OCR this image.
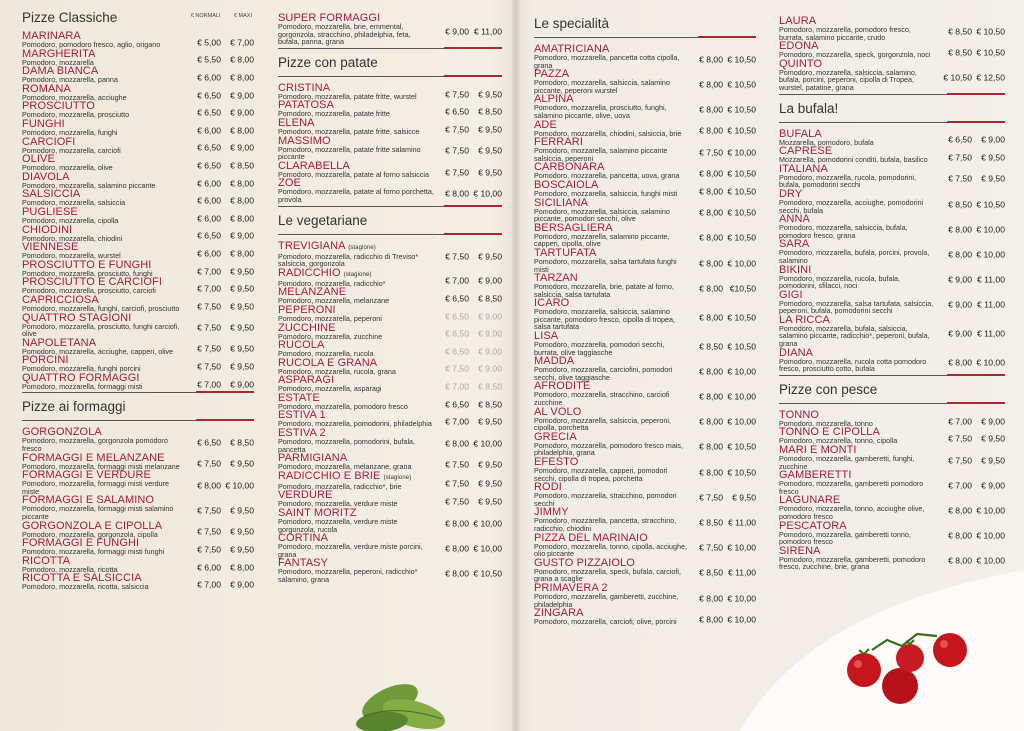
Pizze Classiche	€ NORMALI € MAXI
MARINARA
Pomodoro, pomodoro fresco, aglio, origano	€ 5,00 € 7,00
MARGHERITA
Pomodoro, mozzarella	€ 5,50 € 8,00
DAMA BIANCA
Pomodoro, mozzarella, panna	€ 6,00 € 8,00
ROMANA
Pomodoro, mozzarella, acciughe	€ 6,50 € 9,00
PROSCIUTTO
Pomodoro, mozzarella, prosciutto	€ 6,50 € 9,00
FUNGHI
Pomodoro, mozzarella, funghi	€ 6,00 € 8,00
CARCIOFI
Pomodoro, mozzarella, carciofi	€ 6,50 € 9,00
OLIVE
Pomodoro, mozzarella, olive	€ 6,50 € 8,50
DIAVOLA
Pomodoro, mozzarella, salamino piccante	€ 6,00 € 8,00
SALSICCIA
Pomodoro, mozzarella, salsiccia	€ 6,00 € 8,00
PUGLIESE
Pomodoro, mozzarella, cipolla	€ 6,00 € 8,00
CHIODINI
Pomodoro, mozzarella, chiodini	€ 6,50 € 9,00
VIENNESE
Pomodoro, mozzarella, wurstel	€ 6,00 € 8,00
PROSCIUTTO E FUNGHI
Pomodoro, mozzarella, prosciutto, funghi	€ 7,00 € 9,50
PROSCIUTTO E CARCIOFI
Pomodoro, mozzarella, prosciutto, carciofi	€ 7,00 € 9,50
CAPRICCIOSA
Pomodoro, mozzarella, funghi, carciofi, prosciutto	€ 7,50 € 9,50
QUATTRO STAGIONI
Pomodoro, mozzarella, prosciutto, funghi carciofi, olive
€ 7,50 € 9,50
NAPOLETANA
Pomodoro, mozzarella, acciughe, capperi, olive	€ 7,50 € 9,50
PORCINI
Pomodoro, mozzarella, funghi porcini	€ 7,50 € 9,50
QUATTRO FORMAGGI
Pomodoro, mozzarella, formaggi misti	€ 7,00 € 9,00
Pizze ai formaggi
GORGONZOLA
Pomodoro, mozzarella, gorgonzola pomodoro fresco
€ 6,50 € 8,50
FORMAGGI E MELANZANE
Pomodoro, mozzarella, formaggi misti melanzane	€ 7,50 € 9,50
FORMAGGI E VERDURE
Pomodoro, mozzarella, formaggi misti verdure miste
€ 8,00 € 10,00
FORMAGGI E SALAMINO
Pomodoro, mozzarella, formaggi misti salamino piccante
€ 7,50 € 9,50
GORGONZOLA E CIPOLLA
Pomodoro, mozzarella, gorgonzola, cipolla	€ 7,50 € 9,50
FORMAGGI E FUNGHI
Pomodoro, mozzarella, formaggi misti funghi	€ 7,50 € 9,50
RICOTTA
Pomodoro, mozzarella, ricotta	€ 6,00 € 8,00
RICOTTA E SALSICCIA
Pomodoro, mozzarella, ricotta, salsiccia	€ 7,00 € 9,00
SUPER FORMAGGI
Pomodoro, mozzarella, brie, emmental, gorgonzola, stracchino, philadelphia, feta, bufala, panna, grana
€ 9,00 € 11,00
Pizze con patate
CRISTINA
Pomodoro, mozzarella, patate fritte, wurstel	€ 7,50 € 9,50
PATATOSA
Pomodoro, mozzarella, patate fritte	€ 6,50 € 8,50
ELENA
Pomodoro, mozzarella, patate fritte, salsicce	€ 7,50 € 9,50
MASSIMO
Pomodoro, mozzarella, patate fritte salamino piccante
€ 7,50 € 9,50
CLARABELLA
Pomodoro, mozzarella, patate al forno salsiccia	€ 7,50 € 9,50
ZOE
Pomodoro, mozzarella, patate al forno porchetta, provola
€ 8,00 € 10,00
Le vegetariane
TREVIGIANA (stagione)
Pomodoro, mozzarella, radicchio di Treviso* salsiccia, gorgonzola
€ 7,50 € 9,50
RADICCHIO (stagione)
Pomodoro, mozzarella, radicchio*	€ 7,00 € 9,00
MELANZANE
Pomodoro, mozzarella, melanzane	€ 6,50 € 8,50
PEPERONI
Pomodoro, mozzarella, peperoni	€ 6,50 € 9,00
ZUCCHINE
Pomodoro, mozzarella, zucchine	€ 6,50 € 9,00
RUCOLA
Pomodoro, mozzarella, rucola	€ 6,50 € 9,00
RUCOLA E GRANA
Pomodoro, mozzarella, rucola, grana	€ 7,50 € 9,00
ASPARAGI
Pomodoro, mozzarella, asparagi	€ 7,00 € 8,50
ESTATE
Pomodoro, mozzarella, pomodoro fresco	€ 6,50 € 8,50
ESTIVA 1
Pomodoro, mozzarella, pomodorini, philadelphia	€ 7,00 € 9,50
ESTIVA 2
Pomodoro, mozzarella, pomodorini, bufala, pancetta
€ 8,00 € 10,00
PARMIGIANA
Pomodoro, mozzarella, melanzane, grana	€ 7,50 € 9,50
RADICCHIO E BRIE (stagione)
Pomodoro, mozzarella, radicchio*, brie	€ 7,50 € 9,50
VERDURE
Pomodoro, mozzarella, verdure miste	€ 7,50 € 9,50
SAINT MORITZ
Pomodoro, mozzarella, verdure miste gorgonzola, rucola
€ 8,00 € 10,00
CORTINA
Pomodoro, mozzarella, verdure miste porcini, grana
€ 8,00 € 10,00
FANTASY
Pomodoro, mozzarella, peperoni, radicchio* salamino, grana
€ 8,00 € 10,50
Le specialità
AMATRICIANA
Pomodoro, mozzarella, pancetta cotta cipolla, grana
€ 8,00 € 10,50
PAZZA
Pomodoro, mozzarella, salsiccia, salamino piccante, peperoni wurstel
€ 8,00 € 10,50
ALPINA
Pomodoro, mozzarella, prosciutto, funghi, salamino piccante, olive, uova
€ 8,00 € 10,50
ADE
Pomodoro, mozzarella, chiodini, salsiccia, brie	€ 8,00 € 10,50
FERRARI
Pomodoro, mozzarella, salamino piccante salsiccia, peperoni
€ 7,50 € 10,00
CARBONARA
Pomodoro, mozzarella, pancetta, uova, grana	€ 8,00 € 10,50
BOSCAIOLA
Pomodoro, mozzarella, salsiccia, funghi misti	€ 8,00 € 10,50
SICILIANA
Pomodoro, mozzarella, salsiccia, salamino piccante, pomodori secchi, olive
€ 8,00 € 10,50
BERSAGLIERA
Pomodoro, mozzarella, salamino piccante, capperi, cipolla, olive
€ 8,00 € 10,50
TARTUFATA
Pomodoro, mozzarella, salsa tartufata funghi misti
€ 8,00 € 10,00
TARZAN
Pomodoro, mozzarella, brie, patate al forno, salsiccia, salsa tartufata
€ 8,00 €10,50
ICARO
Pomodoro, mozzarella, salsiccia, salamino piccante, pomodoro fresco, cipolla di tropea, salsa tartufata
€ 8,00 € 10,50
LISA
Pomodoro, mozzarella, pomodori secchi, burrata, olive taggiasche
€ 8,50 € 10,50
MADDA
Pomodoro, mozzarella, carciofini, pomodori secchi, olive taggiasche
€ 8,00 € 10,00
AFRODITE
Pomodoro, mozzarella, stracchino, carciofi zucchine
€ 8,00 € 10,00
AL VOLO
Pomodoro, mozzarella, salsiccia, peperoni, cipolla, porchetta
€ 8,00 € 10,00
GRECIA
Pomodoro, mozzarella, pomodoro fresco mais, philadelphia, grana
€ 8,00 € 10,50
EFESTO
Pomodoro, mozzarella, capperi, pomodori secchi, cipolla di tropea, porchetta
€ 8,00 € 10,50
RODI
Pomodoro, mozzarella, stracchino, pomodori secchi
€ 7,50 € 9,50
JIMMY
Pomodoro, mozzarella, pancetta, stracchino, radicchio, chiodini
€ 8,50 € 11,00
PIZZA DEL MARINAIO
Pomodoro, mozzarella, tonno, cipolla, acciughe, olio piccante
€ 7,50 € 10,00
GUSTO PIZZAIOLO
Pomodoro, mozzarella, speck, bufala, carciofi, grana a scaglie
€ 8,50 € 11,00
PRIMAVERA 2
Pomodoro, mozzarella, gamberetti, zucchine, philadelphia
€ 8,00 € 10,00
ZINGARA
Pomodoro, mozzarella, carciofi, olive, porcini	€ 8,00 € 10,00
LAURA
Pomodoro, mozzarella, pomodoro fresco, burrata, salamino piccante, crudo
€ 8,50 € 10,50
EDONA
Pomodoro, mozzarella, speck, gorgonzola, noci	€ 8,50 € 10,50
QUINTO
Pomodoro, mozzarella, salsiccia, salamino, bufala, porcini, peperoni, cipolla di Tropea, wurstel, patatine, grana
€ 10,50 € 12,50
La bufala!
BUFALA
Mozzarella, pomodoro, bufala	€ 6,50 € 9,00
CAPRESE
Mozzarella, pomodorini conditi, bufala, basilico	€ 7,50 € 9,50
ITALIANA
Pomodoro, mozzarella, rucola, pomodorini, bufala, pomodorini secchi
€ 7,50 € 9,50
DRY
Pomodoro, mozzarella, acciughe, pomodorini secchi, bufala
€ 8,50 € 10,50
ANNA
Pomodoro, mozzarella, salsiccia, bufala, pomodoro fresco, grana
€ 8,00 € 10,00
SARA
Pomodoro, mozzarella, bufala, porcini, provola, salamino
€ 8,00 € 10,00
BIKINI
Pomodoro, mozzarella, rucola, bufala, pomodorini, sfilacci, noci
€ 9,00 € 11,00
GIGI
Pomodoro, mozzarella, salsa tartufata, salsiccia, peperoni, bufala, pomodorini secchi
€ 9,00 € 11,00
LA RICCA
Pomodoro, mozzarella, bufala, salsiccia, salamino piccante, radicchio*, peperoni, bufala, grana
€ 9,00 € 11,00
DIANA
Pomodoro, mozzarella, rucola cotta pomodoro fresco, prosciutto cotto, bufala
€ 8,00 € 10,00
Pizze con pesce
TONNO
Pomodoro, mozzarella, tonno	€ 7,00 € 9,00
TONNO E CIPOLLA
Pomodoro, mozzarella, tonno, cipolla	€ 7,50 € 9,50
MARI E MONTI
Pomodoro, mozzarella, gamberetti, funghi, zucchine
€ 7,50 € 9,50
GAMBERETTI
Pomodoro, mozzarella, gamberetti pomodoro fresco
€ 7,00 € 9,00
LAGUNARE
Pomodoro, mozzarella, tonno, acciughe olive, pomodoro fresco
€ 8,00 € 10,00
PESCATORA
Pomodoro, mozzarella, gamberetti tonno, pomodoro fresco
€ 8,00 € 10,00
SIRENA
Pomodoro, mozzarella, gamberetti, pomodoro fresco, zucchine, brie, grana
€ 8,00 € 10,00
